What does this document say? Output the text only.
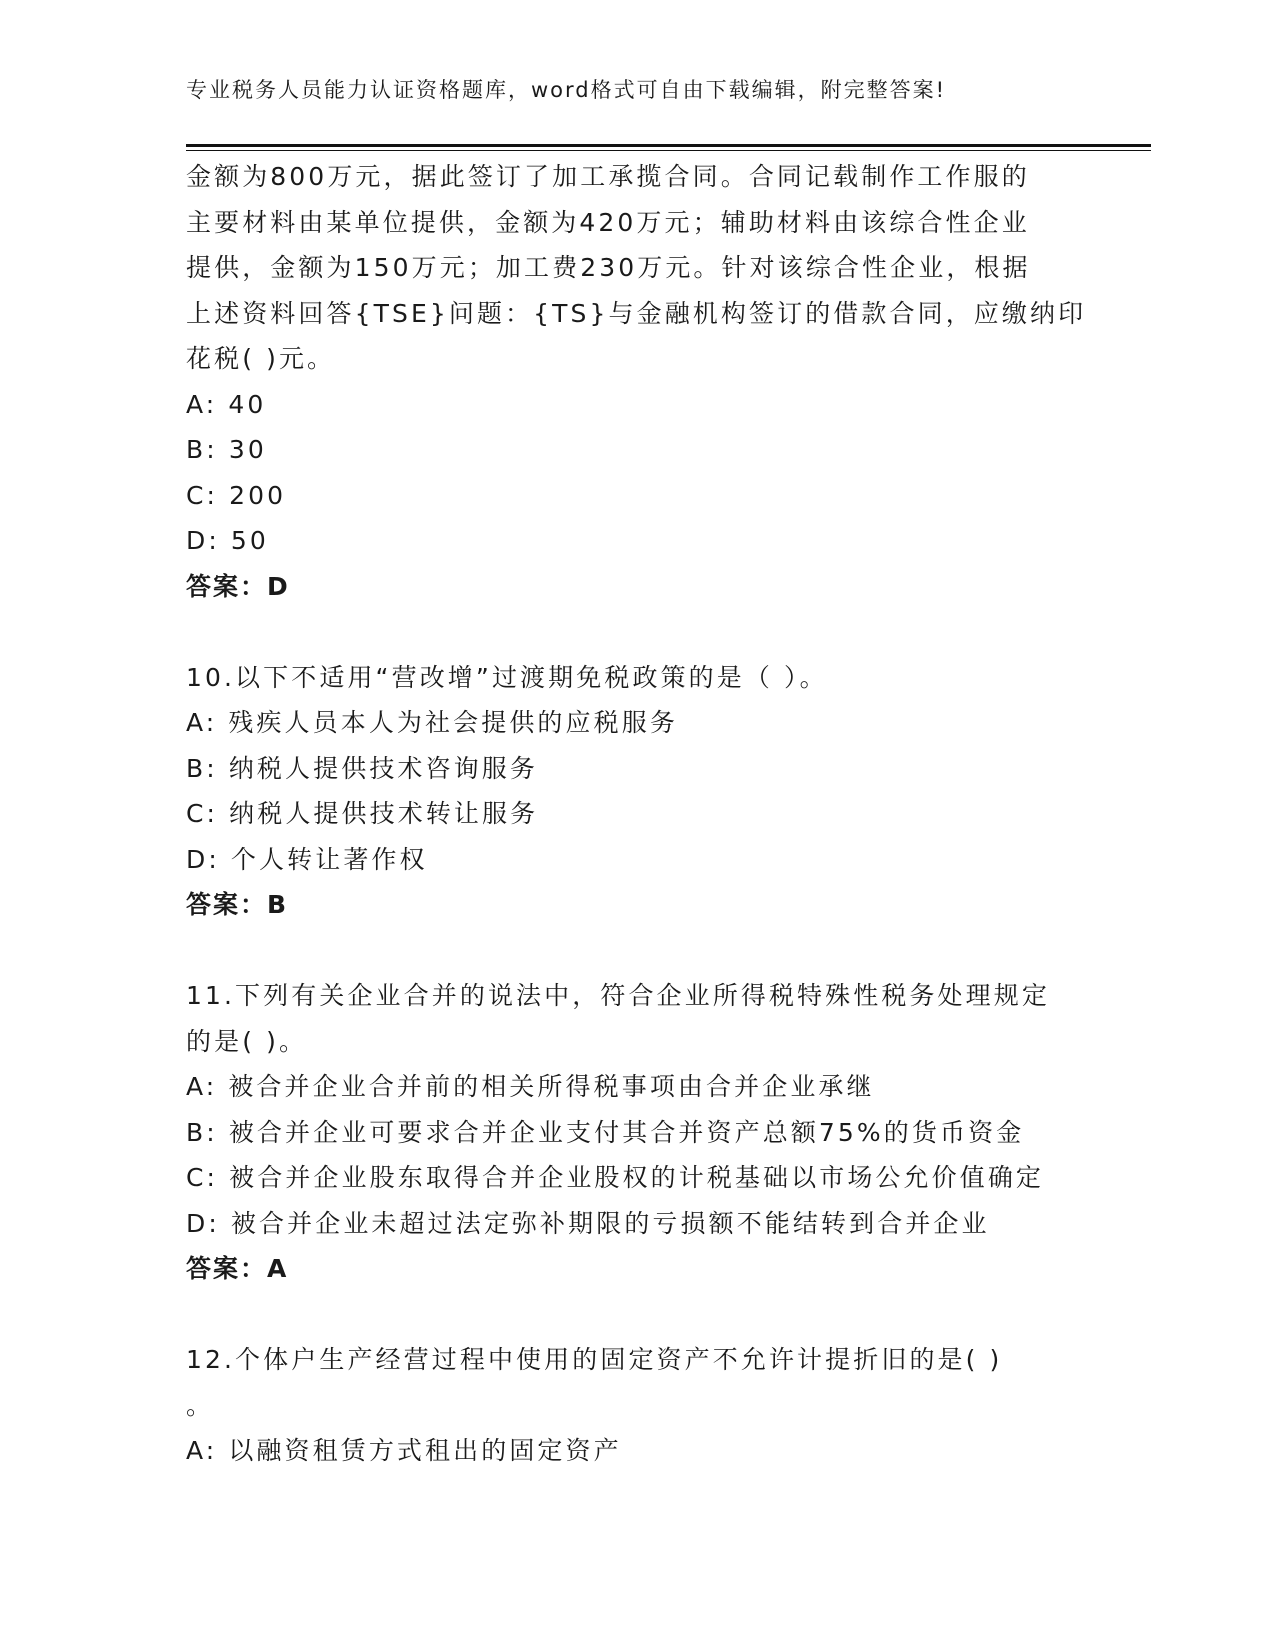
专业税务人员能力认证资格题库，word格式可自由下载编辑，附完整答案!
金额为800万元，据此签订了加工承揽合同。合同记载制作工作服的
主要材料由某单位提供，金额为420万元；辅助材料由该综合性企业
提供，金额为150万元；加工费230万元。针对该综合性企业，根据
上述资料回答{TSE}问题：{TS}与金融机构签订的借款合同，应缴纳印
花税( )元。
A: 40
B: 30
C: 200
D: 50
答案：D
10.以下不适用“营改增”过渡期免税政策的是（ ）。
A: 残疾人员本人为社会提供的应税服务
B: 纳税人提供技术咨询服务
C: 纳税人提供技术转让服务
D: 个人转让著作权
答案：B
11.下列有关企业合并的说法中，符合企业所得税特殊性税务处理规定
的是( )。
A: 被合并企业合并前的相关所得税事项由合并企业承继
B: 被合并企业可要求合并企业支付其合并资产总额75%的货币资金
C: 被合并企业股东取得合并企业股权的计税基础以市场公允价值确定
D: 被合并企业未超过法定弥补期限的亏损额不能结转到合并企业
答案：A
12.个体户生产经营过程中使用的固定资产不允许计提折旧的是( )
。
A: 以融资租赁方式租出的固定资产
